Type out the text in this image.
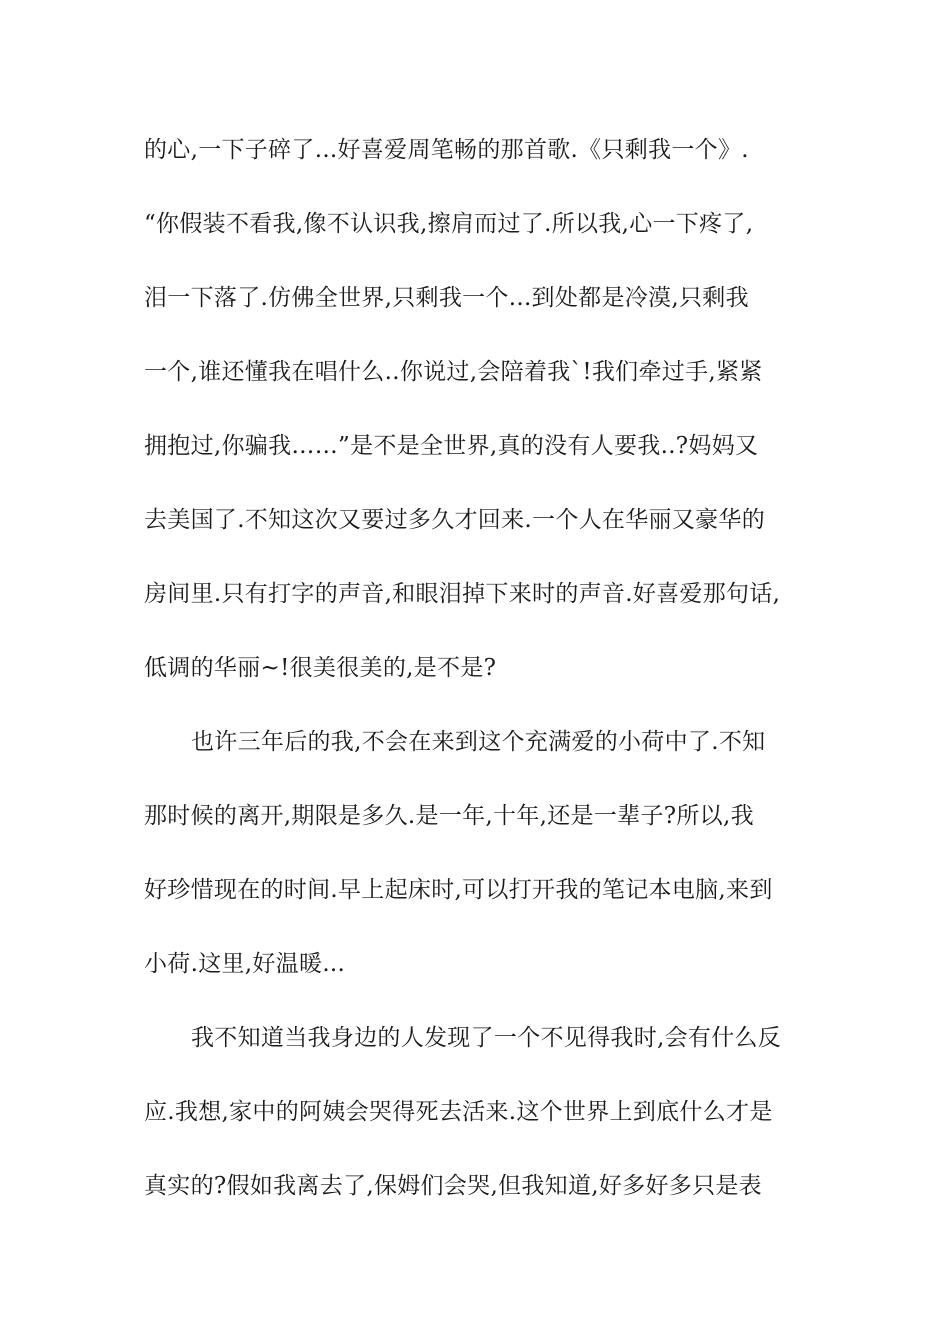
的心,一下子碎了...好喜爱周笔畅的那首歌.《只剩我一个》.
“你假装不看我,像不认识我,擦肩而过了.所以我,心一下疼了,
泪一下落了.仿佛全世界,只剩我一个...到处都是冷漠,只剩我
一个,谁还懂我在唱什么..你说过,会陪着我`!我们牵过手,紧紧
拥抱过,你骗我……”是不是全世界,真的没有人要我..?妈妈又
去美国了.不知这次又要过多久才回来.一个人在华丽又豪华的
房间里.只有打字的声音,和眼泪掉下来时的声音.好喜爱那句话,
低调的华丽~!很美很美的,是不是?
也许三年后的我,不会在来到这个充满爱的小荷中了.不知
那时候的离开,期限是多久.是一年,十年,还是一辈子?所以,我
好珍惜现在的时间.早上起床时,可以打开我的笔记本电脑,来到
小荷.这里,好温暖...
我不知道当我身边的人发现了一个不见得我时,会有什么反
应.我想,家中的阿姨会哭得死去活来.这个世界上到底什么才是
真实的?假如我离去了,保姆们会哭,但我知道,好多好多只是表
